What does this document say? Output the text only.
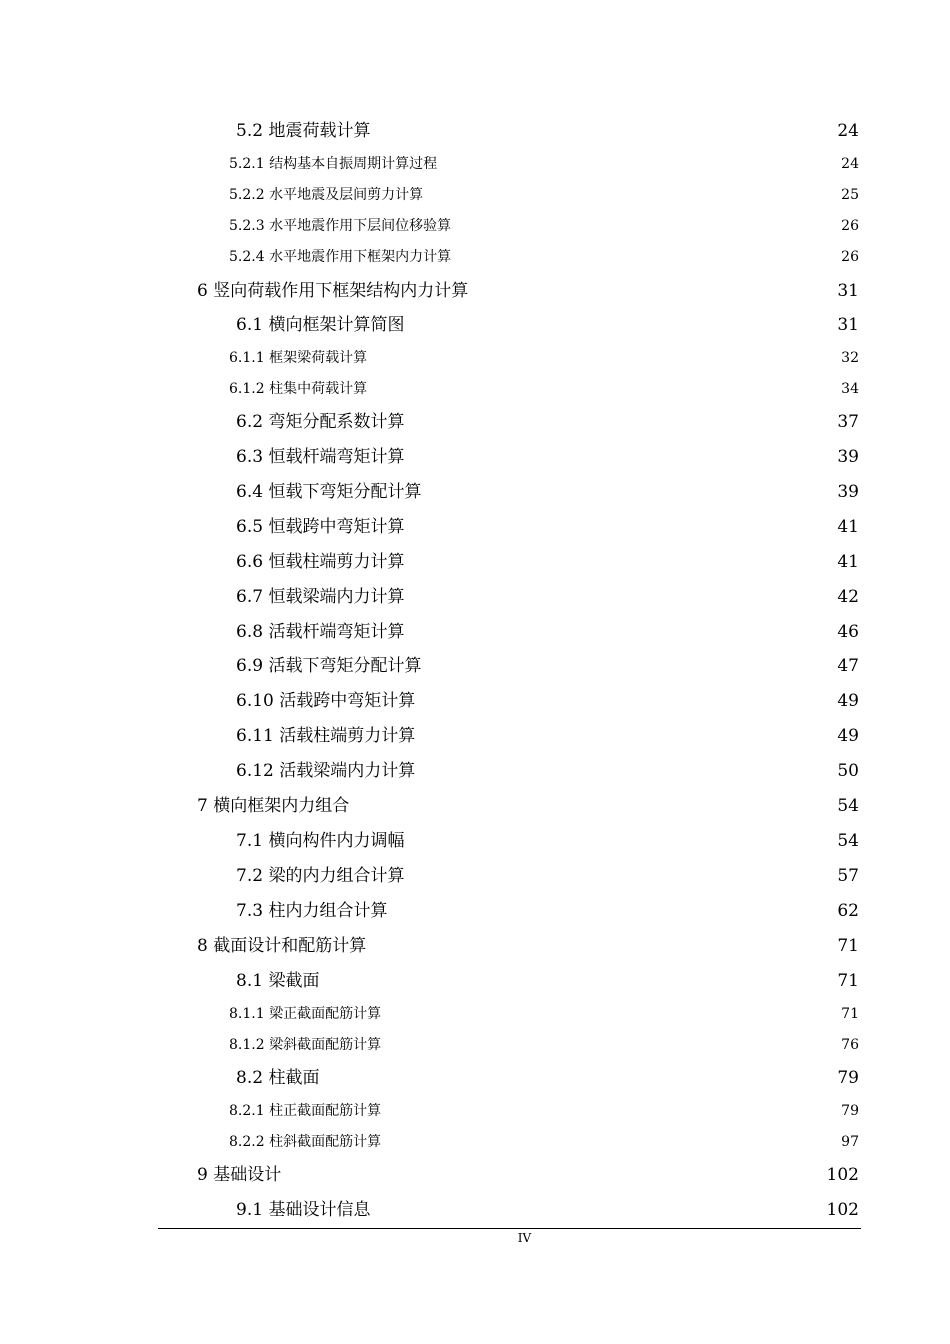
5.2 地震荷载计算	24
5.2.1 结构基本自振周期计算过程	24
5.2.2 水平地震及层间剪力计算	25
5.2.3 水平地震作用下层间位移验算	26
5.2.4 水平地震作用下框架内力计算	26
6 竖向荷载作用下框架结构内力计算	31
6.1 横向框架计算简图	31
6.1.1 框架梁荷载计算	32
6.1.2 柱集中荷载计算	34
6.2 弯矩分配系数计算	37
6.3 恒载杆端弯矩计算	39
6.4 恒载下弯矩分配计算	39
6.5 恒载跨中弯矩计算	41
6.6 恒载柱端剪力计算	41
6.7 恒载梁端内力计算	42
6.8 活载杆端弯矩计算	46
6.9 活载下弯矩分配计算	47
6.10 活载跨中弯矩计算	49
6.11 活载柱端剪力计算	49
6.12 活载梁端内力计算	50
7 横向框架内力组合	54
7.1 横向构件内力调幅	54
7.2 梁的内力组合计算	57
7.3 柱内力组合计算	62
8 截面设计和配筋计算	71
8.1 梁截面	71
8.1.1 梁正截面配筋计算	71
8.1.2 梁斜截面配筋计算	76
8.2 柱截面	79
8.2.1 柱正截面配筋计算	79
8.2.2 柱斜截面配筋计算	97
9 基础设计	102
9.1 基础设计信息	102
IV
